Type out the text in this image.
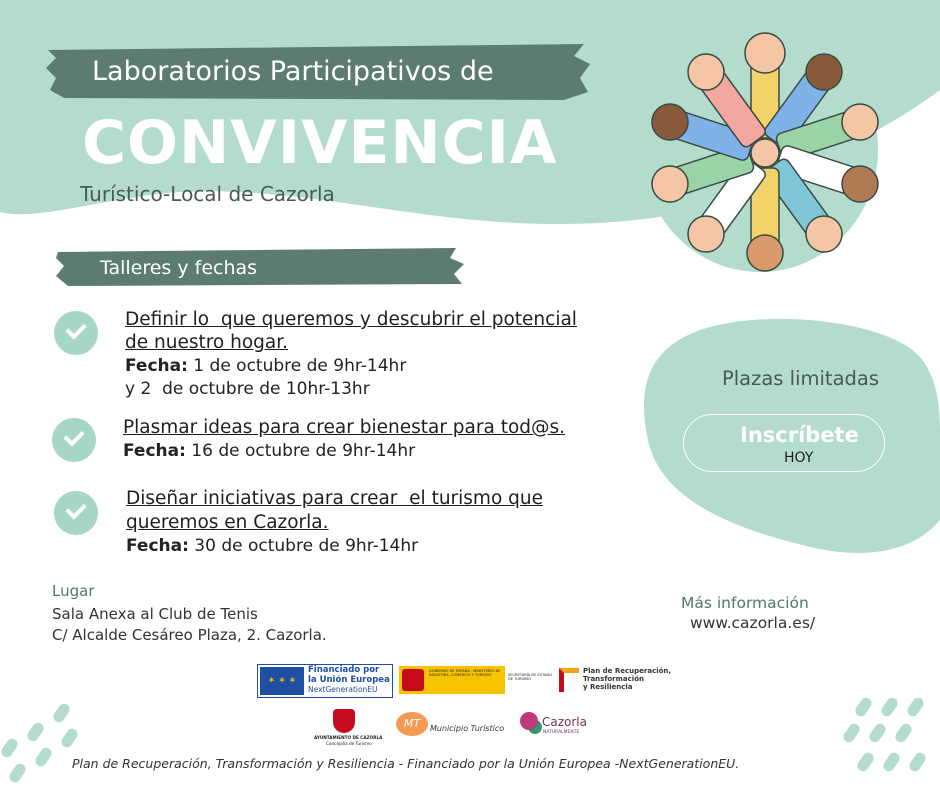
Laboratorios Participativos de
CONVIVENCIA
Turístico-Local de Cazorla
Talleres y fechas
Definir lo  que queremos y descubrir el potencial
de nuestro hogar.
Fecha: 1 de octubre de 9hr-14hr
y 2  de octubre de 10hr-13hr
Plasmar ideas para crear bienestar para tod@s.
Fecha: 16 de octubre de 9hr-14hr
Diseñar iniciativas para crear  el turismo que
queremos en Cazorla.
Fecha: 30 de octubre de 9hr-14hr
Lugar
Sala Anexa al Club de Tenis
C/ Alcalde Cesáreo Plaza, 2. Cazorla.
Plazas limitadas
Inscríbete
HOY
Más información
www.cazorla.es/
✶ ✶ ✶
Financiado por
la Unión Europea
NextGenerationEU
GOBIERNO DE ESPAÑA · MINISTERIO DE INDUSTRIA, COMERCIO Y TURISMO	SECRETARÍA DE ESTADO DE TURISMO
Plan de Recuperación,
Transformación
y Resiliencia
AYUNTAMIENTO DE CAZORLA
Concejalía de Turismo
MT	Municipio Turístico	Cazorla
NATURALMENTE
Plan de Recuperación, Transformación y Resiliencia - Financiado por la Unión Europea -NextGenerationEU.
